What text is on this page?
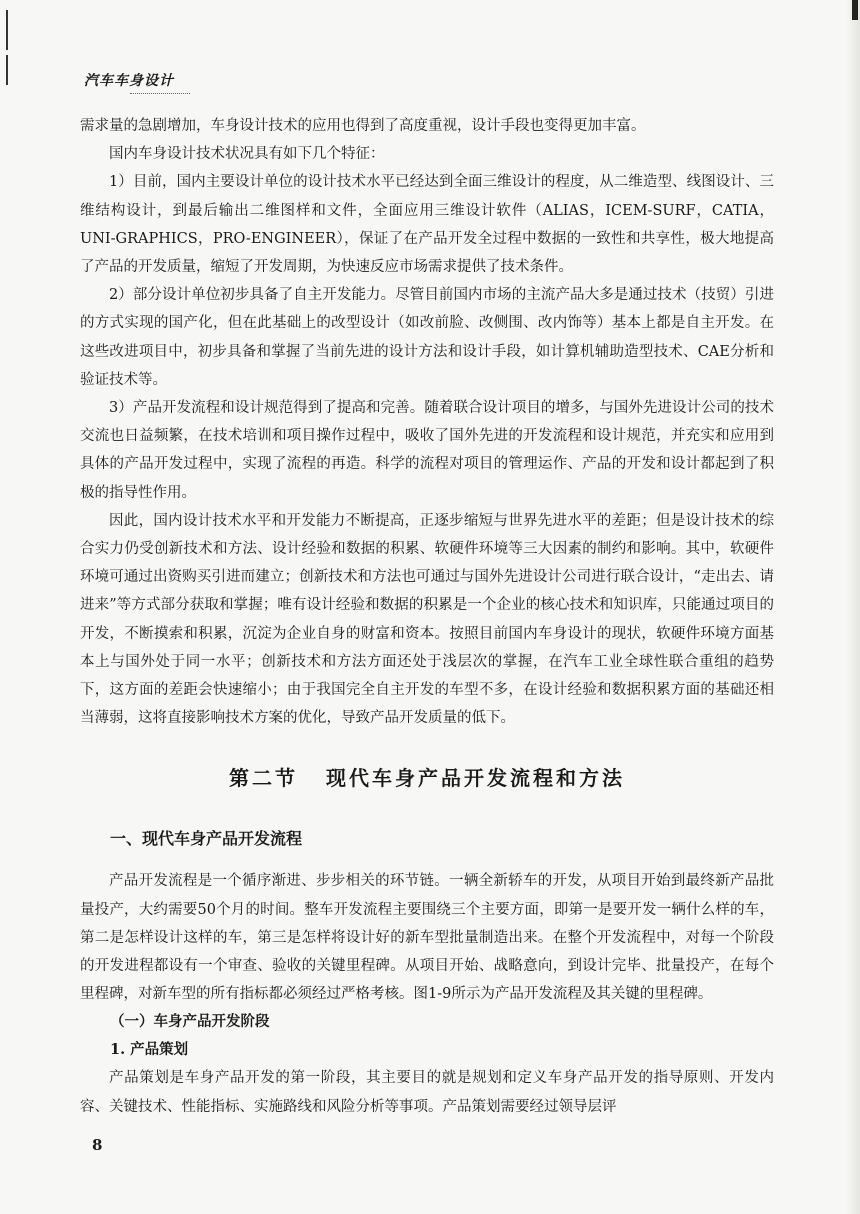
汽车车身设计

需求量的急剧增加，车身设计技术的应用也得到了高度重视，设计手段也变得更加丰富。

国内车身设计技术状况具有如下几个特征：

1）目前，国内主要设计单位的设计技术水平已经达到全面三维设计的程度，从二维造型、线图设计、三维结构设计，到最后输出二维图样和文件，全面应用三维设计软件（ALIAS，ICEM-SURF，CATIA，UNI-GRAPHICS，PRO-ENGINEER），保证了在产品开发全过程中数据的一致性和共享性，极大地提高了产品的开发质量，缩短了开发周期，为快速反应市场需求提供了技术条件。

2）部分设计单位初步具备了自主开发能力。尽管目前国内市场的主流产品大多是通过技术（技贸）引进的方式实现的国产化，但在此基础上的改型设计（如改前脸、改侧围、改内饰等）基本上都是自主开发。在这些改进项目中，初步具备和掌握了当前先进的设计方法和设计手段，如计算机辅助造型技术、CAE分析和验证技术等。

3）产品开发流程和设计规范得到了提高和完善。随着联合设计项目的增多，与国外先进设计公司的技术交流也日益频繁，在技术培训和项目操作过程中，吸收了国外先进的开发流程和设计规范，并充实和应用到具体的产品开发过程中，实现了流程的再造。科学的流程对项目的管理运作、产品的开发和设计都起到了积极的指导性作用。

因此，国内设计技术水平和开发能力不断提高，正逐步缩短与世界先进水平的差距；但是设计技术的综合实力仍受创新技术和方法、设计经验和数据的积累、软硬件环境等三大因素的制约和影响。其中，软硬件环境可通过出资购买引进而建立；创新技术和方法也可通过与国外先进设计公司进行联合设计，“走出去、请进来”等方式部分获取和掌握；唯有设计经验和数据的积累是一个企业的核心技术和知识库，只能通过项目的开发，不断摸索和积累，沉淀为企业自身的财富和资本。按照目前国内车身设计的现状，软硬件环境方面基本上与国外处于同一水平；创新技术和方法方面还处于浅层次的掌握，在汽车工业全球性联合重组的趋势下，这方面的差距会快速缩小；由于我国完全自主开发的车型不多，在设计经验和数据积累方面的基础还相当薄弱，这将直接影响技术方案的优化，导致产品开发质量的低下。

第二节 现代车身产品开发流程和方法
一、现代车身产品开发流程

产品开发流程是一个循序渐进、步步相关的环节链。一辆全新轿车的开发，从项目开始到最终新产品批量投产，大约需要50个月的时间。整车开发流程主要围绕三个主要方面，即第一是要开发一辆什么样的车，第二是怎样设计这样的车，第三是怎样将设计好的新车型批量制造出来。在整个开发流程中，对每一个阶段的开发进程都设有一个审查、验收的关键里程碑。从项目开始、战略意向，到设计完毕、批量投产，在每个里程碑，对新车型的所有指标都必须经过严格考核。图1-9所示为产品开发流程及其关键的里程碑。

（一）车身产品开发阶段
1. 产品策划

产品策划是车身产品开发的第一阶段，其主要目的就是规划和定义车身产品开发的指导原则、开发内容、关键技术、性能指标、实施路线和风险分析等事项。产品策划需要经过领导层评

8
